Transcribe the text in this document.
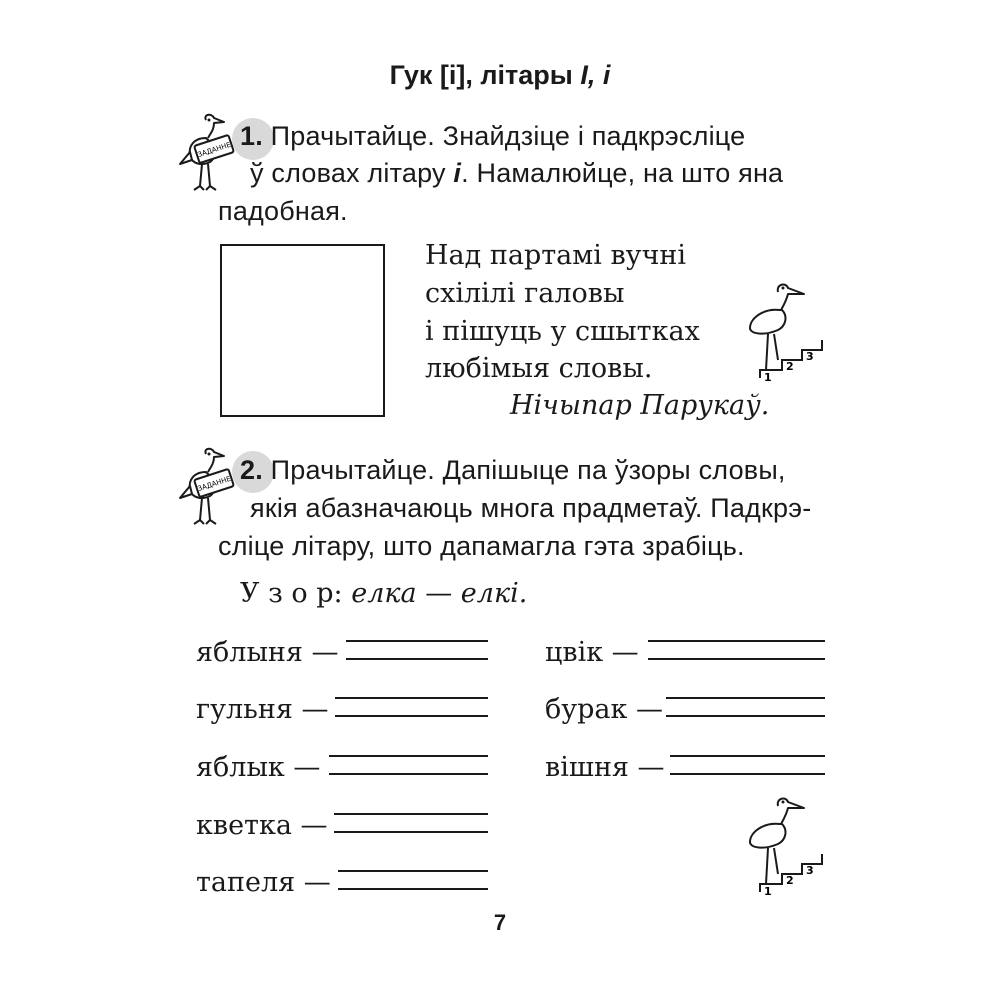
Гук [і], літары І, і
ЗАДАННЕ 1. Прачытайце. Знайдзіце і падкрэсліце
ў словах літару і. Намалюйце, на што яна
падобная.
Над партамі вучні
схілілі галовы
і пішуць у сшытках
любімыя словы.
Нічыпар Парукаў.
1
2
3
ЗАДАННЕ 2. Прачытайце. Дапішыце па ўзоры словы,
якія абазначаюць многа прадметаў. Падкрэ-
сліце літару, што дапамагла гэта зрабіць.
У з о р: елка — елкі.
яблыня —
гульня —
яблык —
кветка —
тапеля —
цвік —
бурак —
вішня —
1
2
3
7
